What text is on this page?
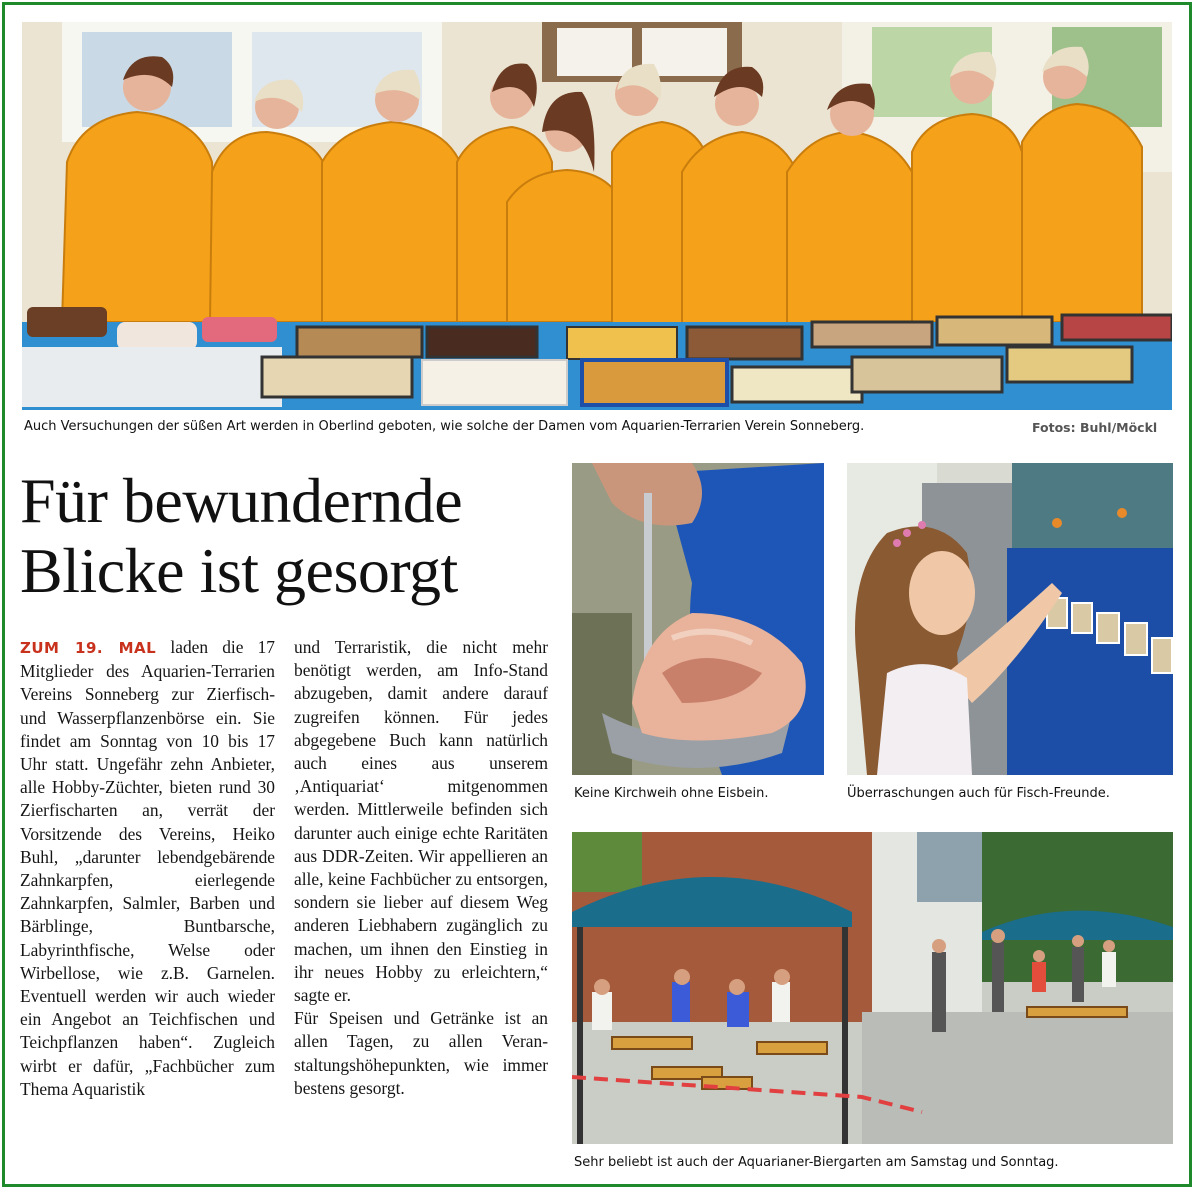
Auch Versuchungen der süßen Art werden in Oberlind geboten, wie solche der Damen vom Aquarien-Terrarien Verein Sonneberg.	Fotos: Buhl/Möckl
Für bewundernde
Blicke ist gesorgt

ZUM 19. MAL laden die 17 Mitglieder des Aquarien-Terrarien Vereins Sonneberg zur Zierfisch- und Wasserpflanzenbörse ein. Sie findet am Sonntag von 10 bis 17 Uhr statt. Ungefähr zehn Anbieter, alle Hobby-Züchter, bieten rund 30 Zierfischarten an, verrät der Vorsitzende des Vereins, Heiko Buhl, „darunter lebendgebärende Zahnkarpfen, eierlegende Zahnkarpfen, Salmler, Barben und Bärblinge, Buntbarsche, Labyrinthfische, Welse oder Wirbellose, wie z.B. Garnelen. Eventuell werden wir auch wieder ein Angebot an Teichfischen und Teichpflanzen haben“. Zugleich wirbt er dafür, „Fachbücher zum Thema Aquaristik

und Terraristik, die nicht mehr benötigt werden, am Info-Stand abzugeben, damit andere darauf zugreifen können. Für jedes abgegebene Buch kann natürlich auch eines aus unserem ‚Antiquariat‘ mitgenommen werden. Mittlerweile befinden sich darunter auch einige echte Raritäten aus DDR-Zeiten. Wir appellieren an alle, keine Fachbücher zu entsorgen, sondern sie lieber auf diesem Weg anderen Liebhabern zugänglich zu machen, um ihnen den Einstieg in ihr neues Hobby zu erleichtern,“ sagte er.

Für Speisen und Getränke ist an allen Tagen, zu allen Veranstaltungshöhepunkten, wie immer bestens gesorgt.

Keine Kirchweih ohne Eisbein.	Überraschungen auch für Fisch-Freunde.
Sehr beliebt ist auch der Aquarianer-Biergarten am Samstag und Sonntag.
